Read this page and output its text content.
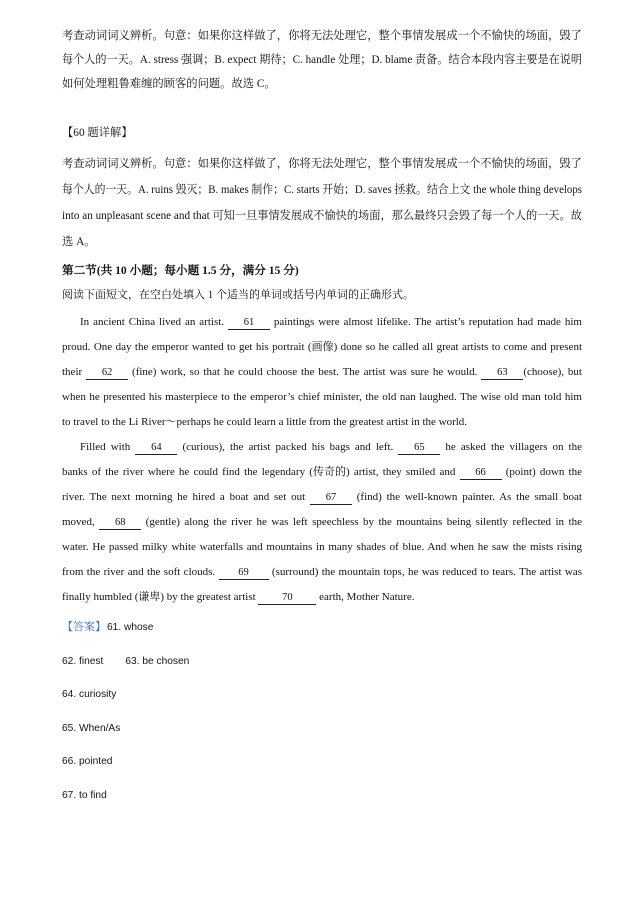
考查动词词义辨析。句意：如果你这样做了，你将无法处理它，整个事情发展成一个不愉快的场面，毁了
每个人的一天。A. stress 强调；B. expect 期待；C. handle 处理；D. blame 责备。结合本段内容主要是在说明
如何处理粗鲁难缠的顾客的问题。故选 C。
【60 题详解】
考查动词词义辨析。句意：如果你这样做了，你将无法处理它，整个事情发展成一个不愉快的场面，毁了
每个人的一天。A. ruins 毁灭；B. makes 制作；C. starts 开始；D. saves 拯救。结合上文 the whole thing develops
into an unpleasant scene and that 可知一旦事情发展成不愉快的场面，那么最终只会毁了每一个人的一天。故
选 A。
第二节(共 10 小题；每小题 1.5 分，满分 15 分)
阅读下面短文，在空白处填入 1 个适当的单词或括号内单词的正确形式。
In ancient China lived an artist. 61 paintings were almost lifelike. The artist’s reputation had made him
proud. One day the emperor wanted to get his portrait (画像) done so he called all great artists to come and present
their 62 (fine) work, so that he could choose the best. The artist was sure he would. 63 (choose), but
when he presented his masterpiece to the emperor’s chief minister, the old nan laughed. The wise old man told him
to travel to the Li River～perhaps he could learn a little from the greatest artist in the world.
Filled with 64 (curious), the artist packed his bags and left. 65 he asked the villagers on the
banks of the river where he could find the legendary (传奇的) artist, they smiled and 66 (point) down the
river. The next morning he hired a boat and set out 67 (find) the well-known painter. As the small boat
moved, 68 (gentle) along the river he was left speechless by the mountains being silently reflected in the
water. He passed milky white waterfalls and mountains in many shades of blue. And when he saw the mists rising
from the river and the soft clouds. 69 (surround) the mountain tops, he was reduced to tears. The artist was
finally humbled (谦卑) by the greatest artist 70 earth, Mother Nature.
【答案】61. whose
62. finest 63. be chosen
64. curiosity
65. When/As
66. pointed
67. to find
